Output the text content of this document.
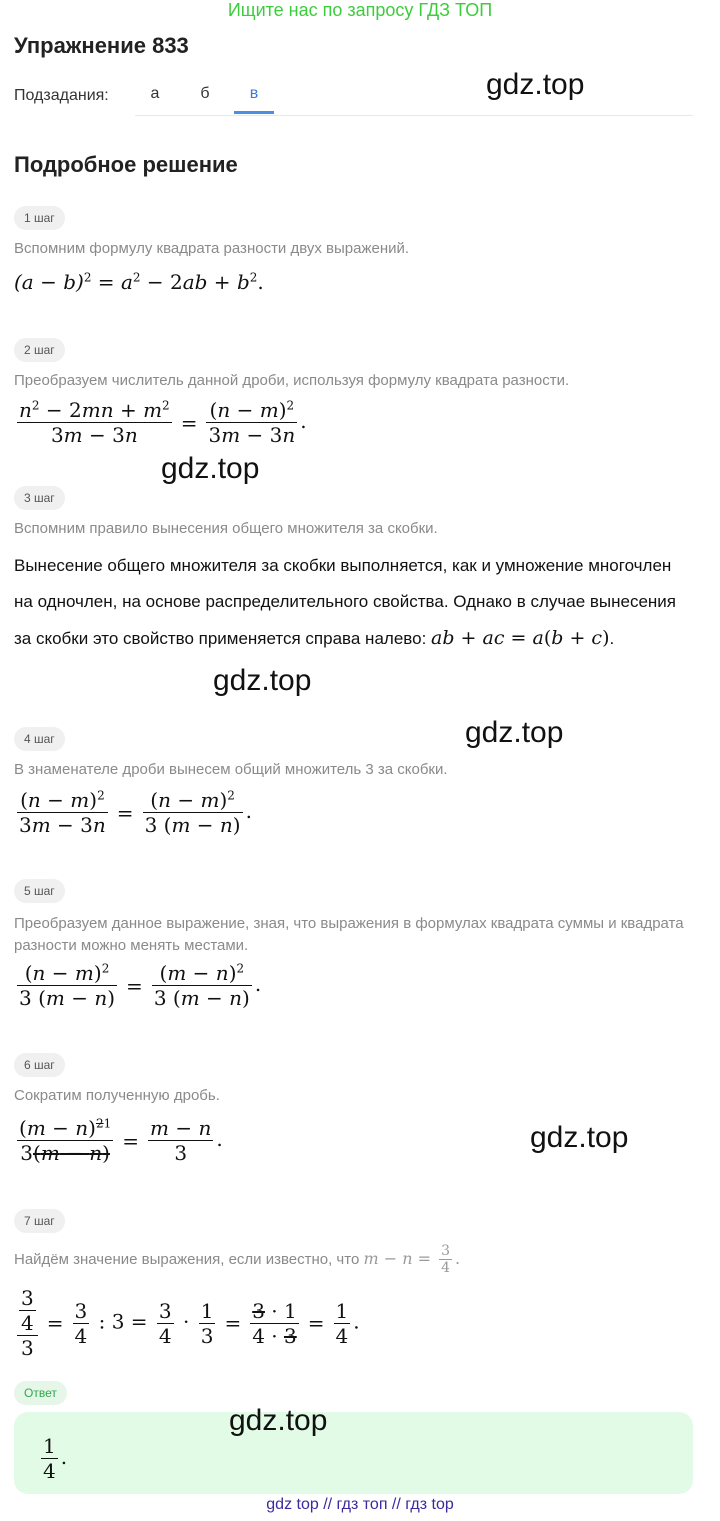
Ищите нас по запросу ГДЗ ТОП
Упражнение 833
Подзадания:	а	б	в	gdz.top
Подробное решение
1 шаг
Вспомним формулу квадрата разности двух выражений.
$(a - b)^2 = a^2 - 2ab + b^2$.
2 шаг
Преобразуем числитель данной дроби, используя формулу квадрата разности.
$\frac{n^2 - 2mn + m^2}{3m - 3n} = \frac{(n - m)^2}{3m - 3n}$ .
gdz.top
3 шаг
Вспомним правило вынесения общего множителя за скобки.
Вынесение общего множителя за скобки выполняется, как и умножение многочлен на одночлен, на основе распределительного свойства. Однако в случае вынесения за скобки это свойство применяется справа налево: ab + ac = a(b + c).
gdz.top
gdz.top
4 шаг
В знаменателе дроби вынесем общий множитель 3 за скобки.
$\frac{(n - m)^2}{3m - 3n} = \frac{(n - m)^2}{3 (m - n)}$ .
5 шаг
Преобразуем данное выражение, зная, что выражения в формулах квадрата суммы и квадрата разности можно менять местами.
$\frac{(n - m)^2}{3 (m - n)} = \frac{(m - n)^2}{3 (m - n)}$ .
6 шаг
Сократим полученную дробь.
$\frac{(m - n)^{21}}{3(m - n)} = \frac{m - n}{3}$ .	gdz.top
7 шаг
Найдём значение выражения, если известно, что $m - n = \frac{3}{4}$ .
$\frac{\frac{3}{4}}{3} = \frac{3}{4}$ : $3 = \frac{3}{4} \cdot \frac{1}{3} = \frac{3 \cdot 1}{4 \cdot 3} = \frac{1}{4}$ .
Ответ
$\frac{1}{4}$ .
gdz.top
gdz top // гдз топ // гдз top
